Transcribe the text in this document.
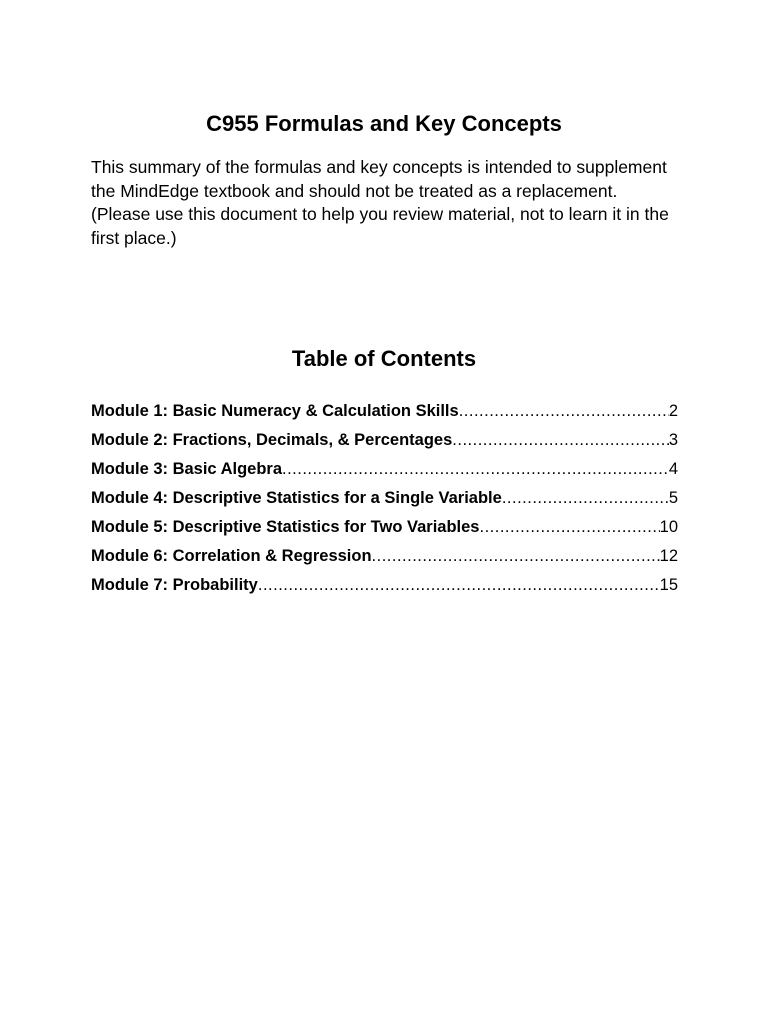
C955 Formulas and Key Concepts

This summary of the formulas and key concepts is intended to supplement
the MindEdge textbook and should not be treated as a replacement.
(Please use this document to help you review material, not to learn it in the
first place.)

Table of Contents
Module 1: Basic Numeracy & Calculation Skills .....	2
Module 2: Fractions, Decimals, & Percentages .....	3
Module 3: Basic Algebra .....	4
Module 4: Descriptive Statistics for a Single Variable .....	5
Module 5: Descriptive Statistics for Two Variables .....	10
Module 6: Correlation & Regression .....	12
Module 7: Probability .....	15
